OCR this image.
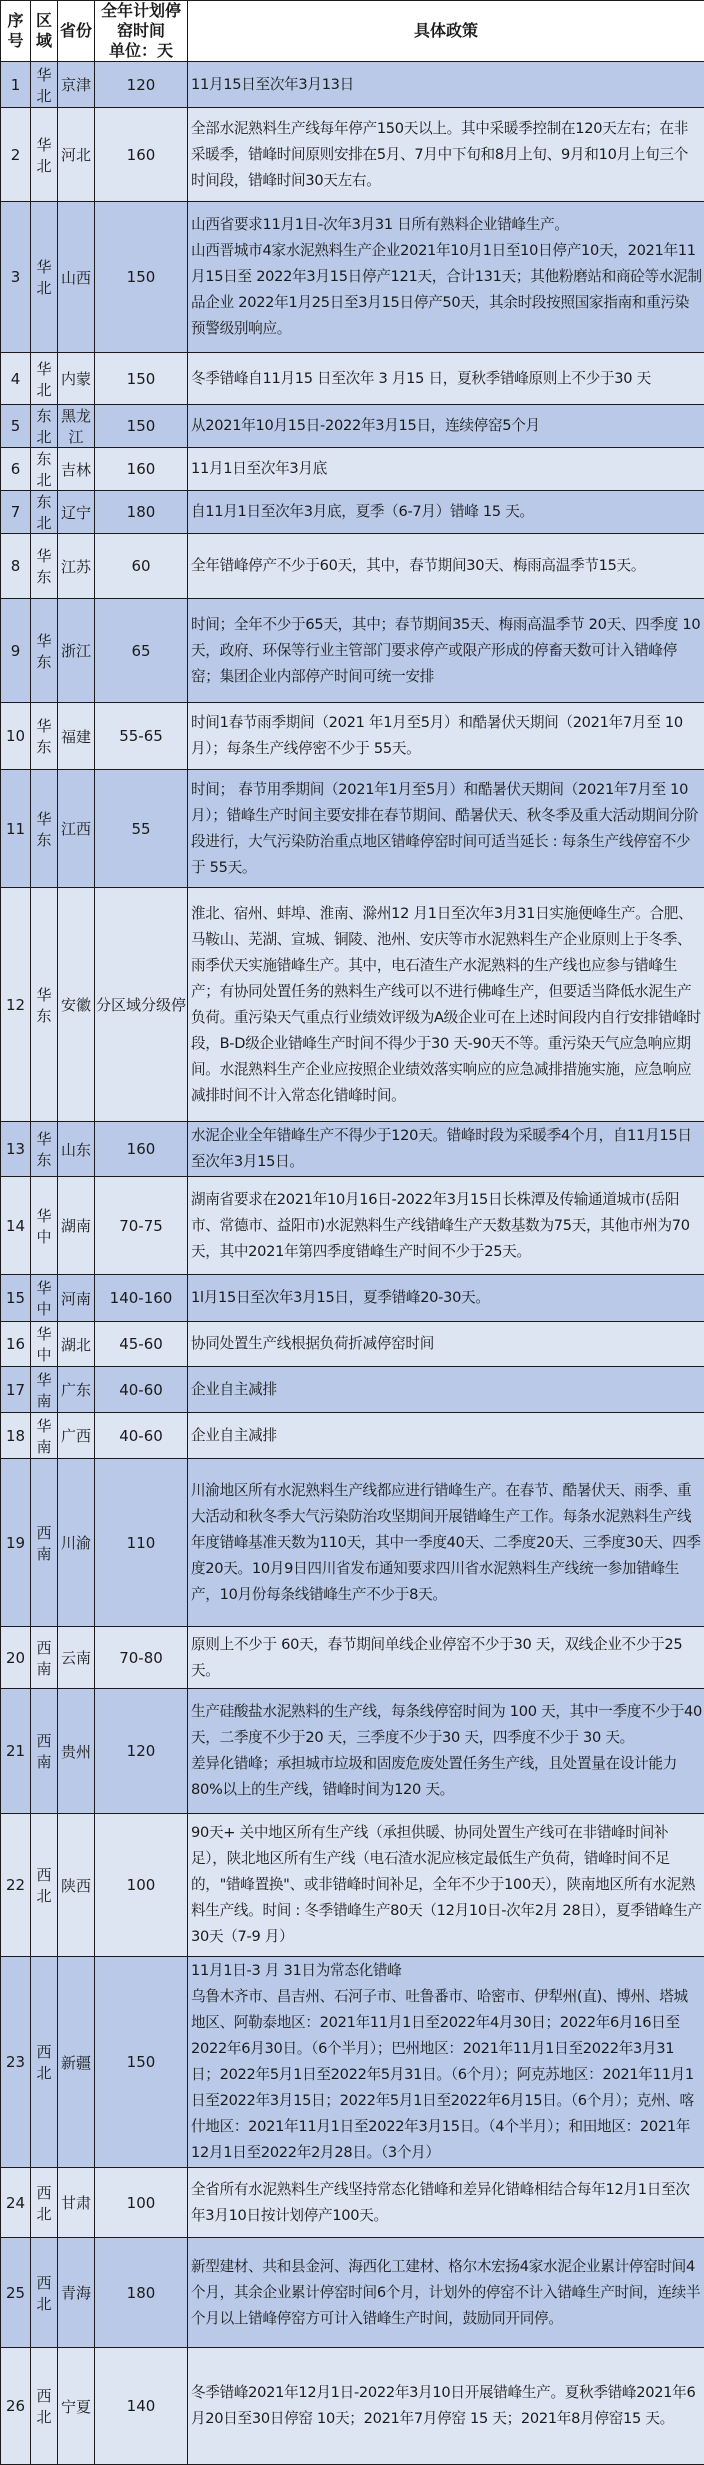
序号	区域	省份	全年计划停窑时间
单位：天	具体政策
1	华北	京津	120	11月15日至次年3月13日
2	华北	河北	160	全部水泥熟料生产线每年停产150天以上。其中采暖季控制在120天左右；在非采暖季，错峰时间原则安排在5月、7月中下旬和8月上旬、9月和10月上旬三个时间段，错峰时间30天左右。
3	华北	山西	150	山西省要求11月1日-次年3月31 日所有熟料企业错峰生产。
山西晋城市4家水泥熟料生产企业2021年10月1日至10日停产10天，2021年11月15日至 2022年3月15日停产121天，合计131天；其他粉磨站和商砼等水泥制品企业 2022年1月25日至3月15日停产50天，其余时段按照国家指南和重污染预警级别响应。
4	华北	内蒙	150	冬季错峰自11月15 日至次年 3 月15 日，夏秋季错峰原则上不少于30 天
5	东北	黑龙江	150	从2021年10月15日-2022年3月15日，连续停窑5个月
6	东北	吉林	160	11月1日至次年3月底
7	东北	辽宁	180	自11月1日至次年3月底，夏季（6-7月）错峰 15 天。
8	华东	江苏	60	全年错峰停产不少于60天，其中，春节期间30天、梅雨高温季节15天。
9	华东	浙江	65	时间；全年不少于65天，其中；春节期间35天、梅雨高温季节 20天、四季度 10天，政府、环保等行业主管部门要求停产或限产形成的停畜天数可计入错峰停窑；集团企业内部停产时间可统一安排
10	华东	福建	55-65	时间1春节雨季期间（2021 年1月至5月）和酷暑伏天期间（2021年7月至 10月）；每条生产线停密不少于 55天。
11	华东	江西	55	时间； 春节用季期间（2021年1月至5月）和酷暑伏天期间（2021年7月至 10 月）；错峰生产时间主要安排在春节期间、酷暑伏天、秋冬季及重大活动期间分阶段进行，大气污染防治重点地区错峰停窑时间可适当延长 : 每条生产线停窑不少于 55天。
12	华东	安徽	分区域分级停	淮北、宿州、蚌埠、淮南、滁州12 月1日至次年3月31日实施便峰生产。合肥、马鞍山、芜湖、宣城、铜陵、池州、安庆等市水泥熟料生产企业原则上于冬季、雨季伏天实施错峰生产。其中，电石渣生产水泥熟料的生产线也应参与错峰生产；有协同处置任务的熟料生产线可以不进行佛峰生产，但要适当降低水泥生产负荷。重污染天气重点行业绩效评级为A级企业可在上述时间段内自行安排错峰时段，B-D级企业错峰生产时间不得少于30 天-90天不等。重污染天气应急响应期间。水混熟料生产企业应按照企业绩效落实响应的应急减排措施实施，应急响应减排时间不计入常态化错峰时间。
13	华东	山东	160	水泥企业全年错峰生产不得少于120天。错峰时段为采暖季4个月，自11月15日至次年3月15日。
14	华中	湖南	70-75	湖南省要求在2021年10月16日-2022年3月15日长株潭及传输通道城市(岳阳市、常德市、益阳市)水泥熟料生产线错峰生产天数基数为75天，其他市州为70天，其中2021年第四季度错峰生产时间不少于25天。
15	华中	河南	140-160	1l月15日至次年3月15日，夏季错峰20-30天。
16	华中	湖北	45-60	协同处置生产线根据负荷折减停窑时间
17	华南	广东	40-60	企业自主减排
18	华南	广西	40-60	企业自主减排
19	西南	川渝	110	川渝地区所有水泥熟料生产线都应进行错峰生产。在春节、酷暑伏天、雨季、重大活动和秋冬季大气污染防治攻坚期间开展错峰生产工作。每条水泥熟料生产线年度错峰基准天数为110天，其中一季度40天、二季度20天、三季度30天、四季度20天。10月9日四川省发布通知要求四川省水泥熟料生产线统一参加错峰生产，10月份每条线错峰生产不少于8天。
20	西南	云南	70-80	原则上不少于 60天，春节期间单线企业停窑不少于30 天，双线企业不少于25天。
21	西南	贵州	120	生产硅酸盐水泥熟料的生产线，每条线停窑时间为 100 天，其中一季度不少于40天，二季度不少于20 天，三季度不少于30 天，四季度不少于 30 天。
差异化错峰；承担城市垃圾和固废危废处置任务生产线，且处置量在设计能力 80%以上的生产线，错峰时间为120 天。
22	西北	陕西	100	90天+ 关中地区所有生产线（承担供暖、协同处置生产线可在非错峰时间补足），陕北地区所有生产线（电石渣水泥应核定最低生产负荷，错峰时间不足的，"错峰置换"、或非错峰时间补足，全年不少于100天），陕南地区所有水泥熟料生产线。时间 : 冬季错峰生产80天（12月10日-次年2月 28日），夏季错峰生产30天（7-9 月）
23	西北	新疆	150	11月1日-3 月 31日为常态化错峰
乌鲁木齐市、昌吉州、石河子市、吐鲁番市、哈密市、伊犁州(直)、博州、塔城地区、阿勒泰地区：2021年11月1日至2022年4月30日；2022年6月16日至2022年6月30日。（6个半月）；巴州地区：2021年11月1日至2022年3月31日；2022年5月1日至2022年5月31日。（6个月）；阿克苏地区：2021年11月1日至2022年3月15日；2022年5月1日至2022年6月15日。（6个月）；克州、喀什地区：2021年11月1日至2022年3月15日。（4个半月）；和田地区：2021年12月1日至2022年2月28日。（3个月）
24	西北	甘肃	100	全省所有水泥熟料生产线坚持常态化错峰和差异化错峰相结合每年12月1日至次年3月10日按计划停产100天。
25	西北	青海	180	新型建材、共和县金河、海西化工建材、格尔木宏扬4家水泥企业累计停窑时间4个月，其余企业累计停窑时间6个月，计划外的停窑不计入错峰生产时间，连续半个月以上错峰停窑方可计入错峰生产时间，鼓励同开同停。
26	西北	宁夏	140	冬季错峰2021年12月1日-2022年3月10日开展错峰生产。夏秋季错峰2021年6月20日至30日停窑 10天；2021年7月停窑 15 天；2021年8月停窑15 天。
